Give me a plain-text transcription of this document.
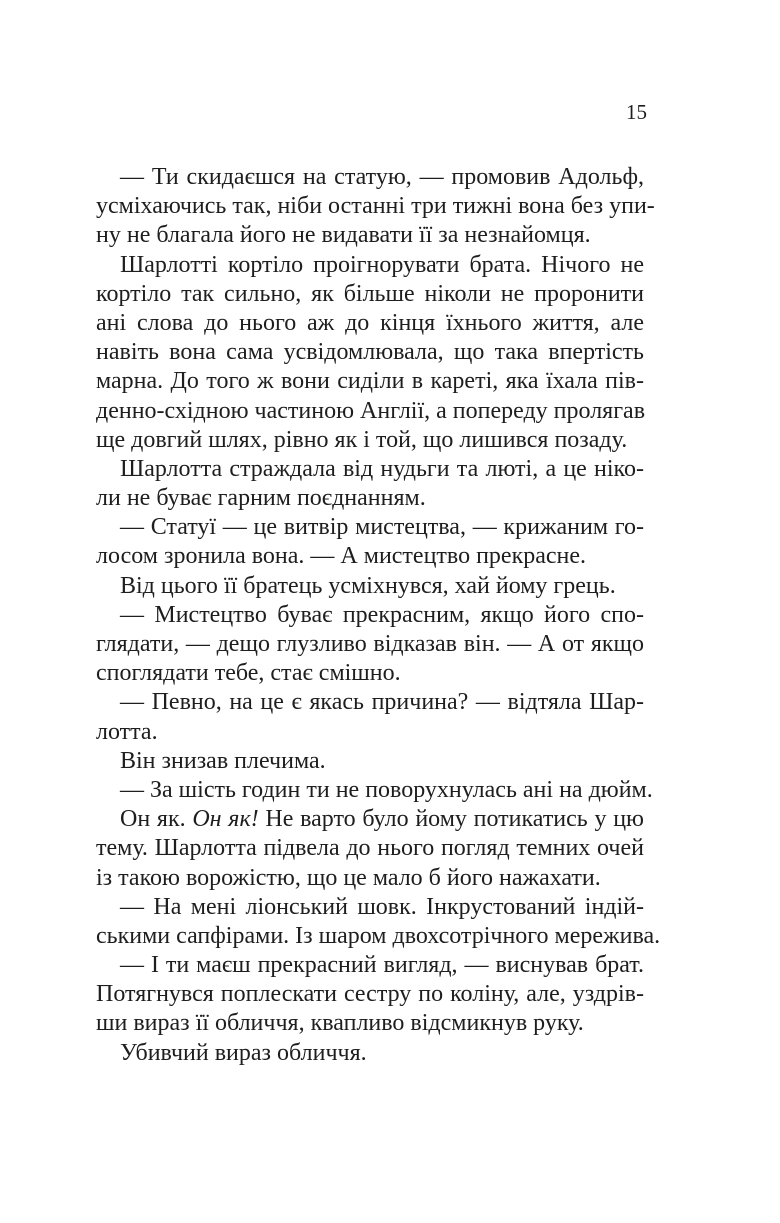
15
— Ти скидаєшся на статую, — промовив Адольф,
усміхаючись так, ніби останні три тижні вона без упи-
ну не благала його не видавати її за незнайомця.
Шарлотті кортіло проігнорувати брата. Нічого не
кортіло так сильно, як більше ніколи не проронити
ані слова до нього аж до кінця їхнього життя, але
навіть вона сама усвідомлювала, що така впертість
марна. До того ж вони сиділи в кареті, яка їхала пів-
денно-східною частиною Англії, а попереду пролягав
ще довгий шлях, рівно як і той, що лишився позаду.
Шарлотта страждала від нудьги та люті, а це ніко-
ли не буває гарним поєднанням.
— Статуї — це витвір мистецтва, — крижаним го-
лосом зронила вона. — А мистецтво прекрасне.
Від цього її братець усміхнувся, хай йому грець.
— Мистецтво буває прекрасним, якщо його спо-
глядати, — дещо глузливо відказав він. — А от якщо
споглядати тебе, стає смішно.
— Певно, на це є якась причина? — відтяла Шар-
лотта.
Він знизав плечима.
— За шість годин ти не поворухнулась ані на дюйм.
Он як. Он як! Не варто було йому потикатись у цю
тему. Шарлотта підвела до нього погляд темних очей
із такою ворожістю, що це мало б його нажахати.
— На мені ліонський шовк. Інкрустований індій-
ськими сапфірами. Із шаром двохсотрічного мережива.
— І ти маєш прекрасний вигляд, — виснував брат.
Потягнувся поплескати сестру по коліну, але, уздрів-
ши вираз її обличчя, квапливо відсмикнув руку.
Убивчий вираз обличчя.
